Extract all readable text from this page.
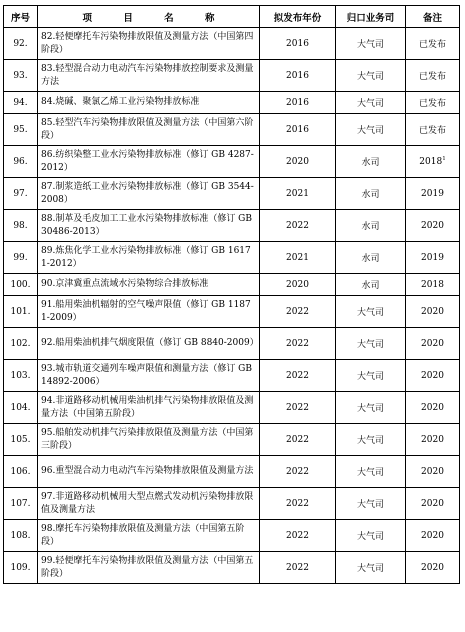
序号	项 目 名 称	拟发布年份	归口业务司	备注
92.	82.轻便摩托车污染物排放限值及测量方法（中国第四阶段）	2016	大气司	已发布
93.	83.轻型混合动力电动汽车污染物排放控制要求及测量方法	2016	大气司	已发布
94.	84.烧碱、聚氯乙烯工业污染物排放标准	2016	大气司	已发布
95.	85.轻型汽车污染物排放限值及测量方法（中国第六阶段）	2016	大气司	已发布
96.	86.纺织染整工业水污染物排放标准（修订 GB 4287-2012）	2020	水司	2018$^1$
97.	87.制浆造纸工业水污染物排放标准（修订 GB 3544-2008）	2021	水司	2019
98.	88.制革及毛皮加工工业水污染物排放标准（修订 GB 30486-2013）	2022	水司	2020
99.	89.炼焦化学工业水污染物排放标准（修订 GB 16171-2012）	2021	水司	2019
100.	90.京津冀重点流域水污染物综合排放标准	2020	水司	2018
101.	91.船用柴油机辐射的空气噪声限值（修订 GB 11871-2009）	2022	大气司	2020
102.	92.船用柴油机排气烟度限值（修订 GB 8840-2009）	2022	大气司	2020
103.	93.城市轨道交通列车噪声限值和测量方法（修订 GB 14892-2006）	2022	大气司	2020
104.	94.非道路移动机械用柴油机排气污染物排放限值及测量方法（中国第五阶段）	2022	大气司	2020
105.	95.船舶发动机排气污染排放限值及测量方法（中国第三阶段）	2022	大气司	2020
106.	96.重型混合动力电动汽车污染物排放限值及测量方法	2022	大气司	2020
107.	97.非道路移动机械用大型点燃式发动机污染物排放限值及测量方法	2022	大气司	2020
108.	98.摩托车污染物排放限值及测量方法（中国第五阶段）	2022	大气司	2020
109.	99.轻便摩托车污染物排放限值及测量方法（中国第五阶段）	2022	大气司	2020
